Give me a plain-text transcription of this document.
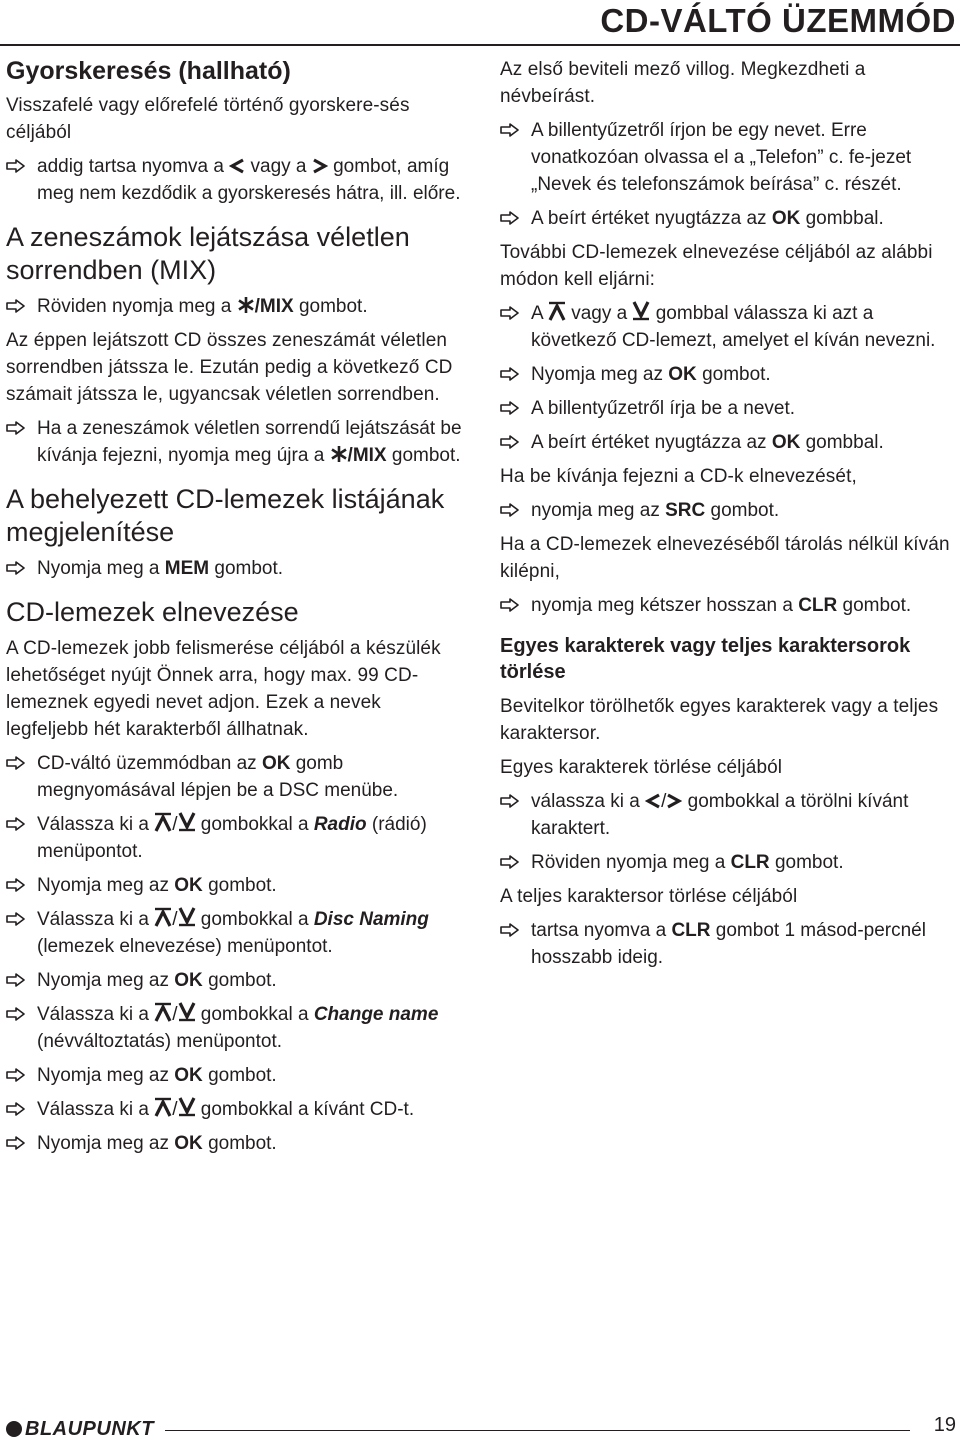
CD-VÁLTÓ ÜZEMMÓD
Gyorskeresés (hallható)

Visszafelé vagy előrefelé történő gyorskere-sés céljából

addig tartsa nyomva a vagy a gombot, amíg meg nem kezdődik a gyorskeresés hátra, ill. előre.
A zeneszámok lejátszása véletlen sorrendben (MIX)
Röviden nyomja meg a /MIX gombot.

Az éppen lejátszott CD összes zeneszámát véletlen sorrendben játssza le. Ezután pedig a következő CD számait játssza le, ugyancsak véletlen sorrendben.

Ha a zeneszámok véletlen sorrendű lejátszását be kívánja fejezni, nyomja meg újra a /MIX gombot.
A behelyezett CD-lemezek listájának megjelenítése
Nyomja meg a MEM gombot.
CD-lemezek elnevezése

A CD-lemezek jobb felismerése céljából a készülék lehetőséget nyújt Önnek arra, hogy max. 99 CD-lemeznek egyedi nevet adjon. Ezek a nevek legfeljebb hét karakterből állhatnak.

CD-váltó üzemmódban az OK gomb megnyomásával lépjen be a DSC menübe.
Válassza ki a / gombokkal a Radio (rádió) menüpontot.
Nyomja meg az OK gombot.
Válassza ki a / gombokkal a Disc Naming (lemezek elnevezése) menüpontot.
Nyomja meg az OK gombot.
Válassza ki a / gombokkal a Change name (névváltoztatás) menüpontot.
Nyomja meg az OK gombot.
Válassza ki a / gombokkal a kívánt CD-t.
Nyomja meg az OK gombot.

Az első beviteli mező villog. Megkezdheti a névbeírást.

A billentyűzetről írjon be egy nevet. Erre vonatkozóan olvassa el a „Telefon” c. fe-jezet „Nevek és telefonszámok beírása” c. részét.
A beírt értéket nyugtázza az OK gombbal.

További CD-lemezek elnevezése céljából az alábbi módon kell eljárni:

A vagy a gombbal válassza ki azt a következő CD-lemezt, amelyet el kíván nevezni.
Nyomja meg az OK gombot.
A billentyűzetről írja be a nevet.
A beírt értéket nyugtázza az OK gombbal.

Ha be kívánja fejezni a CD-k elnevezését,

nyomja meg az SRC gombot.

Ha a CD-lemezek elnevezéséből tárolás nélkül kíván kilépni,

nyomja meg kétszer hosszan a CLR gombot.
Egyes karakterek vagy teljes karaktersorok törlése

Bevitelkor törölhetők egyes karakterek vagy a teljes karaktersor.

Egyes karakterek törlése céljából

válassza ki a / gombokkal a törölni kívánt karaktert.
Röviden nyomja meg a CLR gombot.

A teljes karaktersor törlése céljából

tartsa nyomva a CLR gombot 1 másod-percnél hosszabb ideig.
BLAUPUNKT	19
